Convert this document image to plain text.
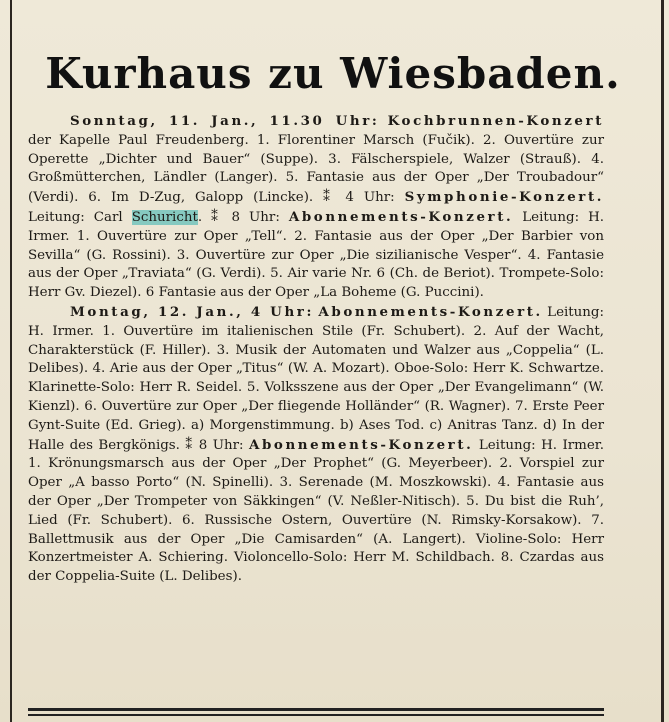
Kurhaus zu Wiesbaden.

Sonntag, 11. Jan., 11.30 Uhr: Kochbrunnen-Konzert der Kapelle Paul Freudenberg. 1. Florentiner Marsch (Fučik). 2. Ouvertüre zur Operette „Dichter und Bauer“ (Suppe). 3. Fälscherspiele, Walzer (Strauß). 4. Großmütterchen, Ländler (Langer). 5. Fantasie aus der Oper „Der Troubadour“ (Verdi). 6. Im D-Zug, Galopp (Lincke). ⁑ 4 Uhr: Symphonie-Konzert. Leitung: Carl Schuricht. ⁑ 8 Uhr: Abonnements-Konzert. Leitung: H. Irmer. 1. Ouvertüre zur Oper „Tell“. 2. Fantasie aus der Oper „Der Barbier von Sevilla“ (G. Rossini). 3. Ouvertüre zur Oper „Die sizilianische Vesper“. 4. Fantasie aus der Oper „Traviata“ (G. Verdi). 5. Air varie Nr. 6 (Ch. de Beriot). Trompete-Solo: Herr Gv. Diezel). 6 Fantasie aus der Oper „La Boheme (G. Puccini).

Montag, 12. Jan., 4 Uhr: Abonnements-Konzert. Leitung: H. Irmer. 1. Ouvertüre im italienischen Stile (Fr. Schubert). 2. Auf der Wacht, Charakterstück (F. Hiller). 3. Musik der Automaten und Walzer aus „Coppelia“ (L. Delibes). 4. Arie aus der Oper „Titus“ (W. A. Mozart). Oboe-Solo: Herr K. Schwartze. Klarinette-Solo: Herr R. Seidel. 5. Volksszene aus der Oper „Der Evangelimann“ (W. Kienzl). 6. Ouvertüre zur Oper „Der fliegende Holländer“ (R. Wagner). 7. Erste Peer Gynt-Suite (Ed. Grieg). a) Morgenstimmung. b) Ases Tod. c) Anitras Tanz. d) In der Halle des Bergkönigs. ⁑ 8 Uhr: Abonnements-Konzert. Leitung: H. Irmer. 1. Krönungsmarsch aus der Oper „Der Prophet“ (G. Meyerbeer). 2. Vorspiel zur Oper „A basso Porto“ (N. Spinelli). 3. Serenade (M. Moszkowski). 4. Fantasie aus der Oper „Der Trompeter von Säkkingen“ (V. Neßler-Nitisch). 5. Du bist die Ruh’, Lied (Fr. Schubert). 6. Russische Ostern, Ouvertüre (N. Rimsky-Korsakow). 7. Ballettmusik aus der Oper „Die Camisarden“ (A. Langert). Violine-Solo: Herr Konzertmeister A. Schiering. Violoncello-Solo: Herr M. Schildbach. 8. Czardas aus der Coppelia-Suite (L. Delibes).
